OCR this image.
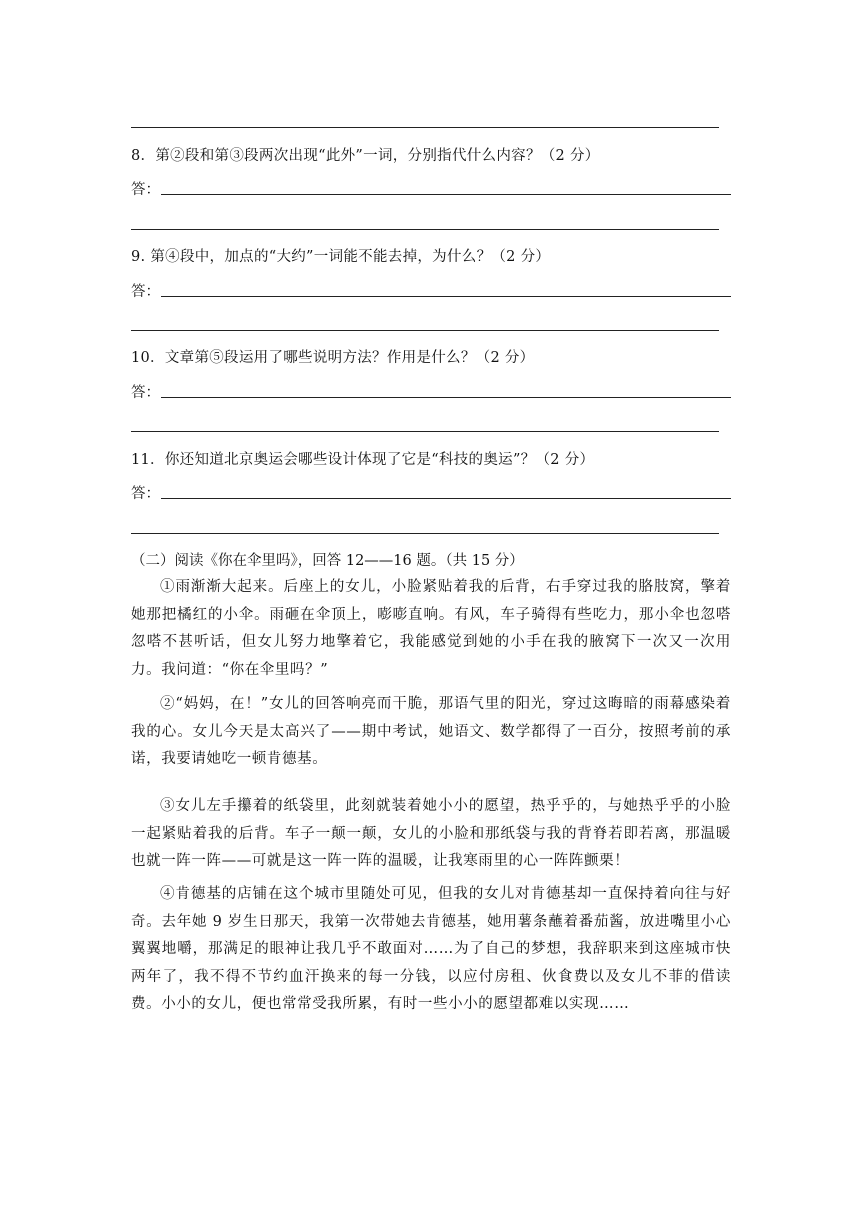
8．第②段和第③段两次出现“此外”一词，分别指代什么内容？（2 分）
答：
9. 第④段中，加点的“大约”一词能不能去掉，为什么？（2 分）
答：
10．文章第⑤段运用了哪些说明方法？作用是什么？（2 分）
答：
11．你还知道北京奥运会哪些设计体现了它是“科技的奥运”？（2 分）
答：
（二）阅读《你在伞里吗》，回答 12——16 题。（共 15 分）

①雨渐渐大起来。后座上的女儿，小脸紧贴着我的后背，右手穿过我的胳肢窝，擎着她那把橘红的小伞。雨砸在伞顶上，嘭嘭直响。有风，车子骑得有些吃力，那小伞也忽嗒忽嗒不甚听话，但女儿努力地擎着它，我能感觉到她的小手在我的腋窝下一次又一次用力。我问道：“你在伞里吗？”

②“妈妈，在！”女儿的回答响亮而干脆，那语气里的阳光，穿过这晦暗的雨幕感染着我的心。女儿今天是太高兴了——期中考试，她语文、数学都得了一百分，按照考前的承诺，我要请她吃一顿肯德基。

③女儿左手攥着的纸袋里，此刻就装着她小小的愿望，热乎乎的，与她热乎乎的小脸一起紧贴着我的后背。车子一颠一颠，女儿的小脸和那纸袋与我的背脊若即若离，那温暖也就一阵一阵——可就是这一阵一阵的温暖，让我寒雨里的心一阵阵颤栗！

④肯德基的店铺在这个城市里随处可见，但我的女儿对肯德基却一直保持着向往与好奇。去年她 9 岁生日那天，我第一次带她去肯德基，她用薯条蘸着番茄酱，放进嘴里小心翼翼地嚼，那满足的眼神让我几乎不敢面对……为了自己的梦想，我辞职来到这座城市快两年了，我不得不节约血汗换来的每一分钱，以应付房租、伙食费以及女儿不菲的借读费。小小的女儿，便也常常受我所累，有时一些小小的愿望都难以实现……
